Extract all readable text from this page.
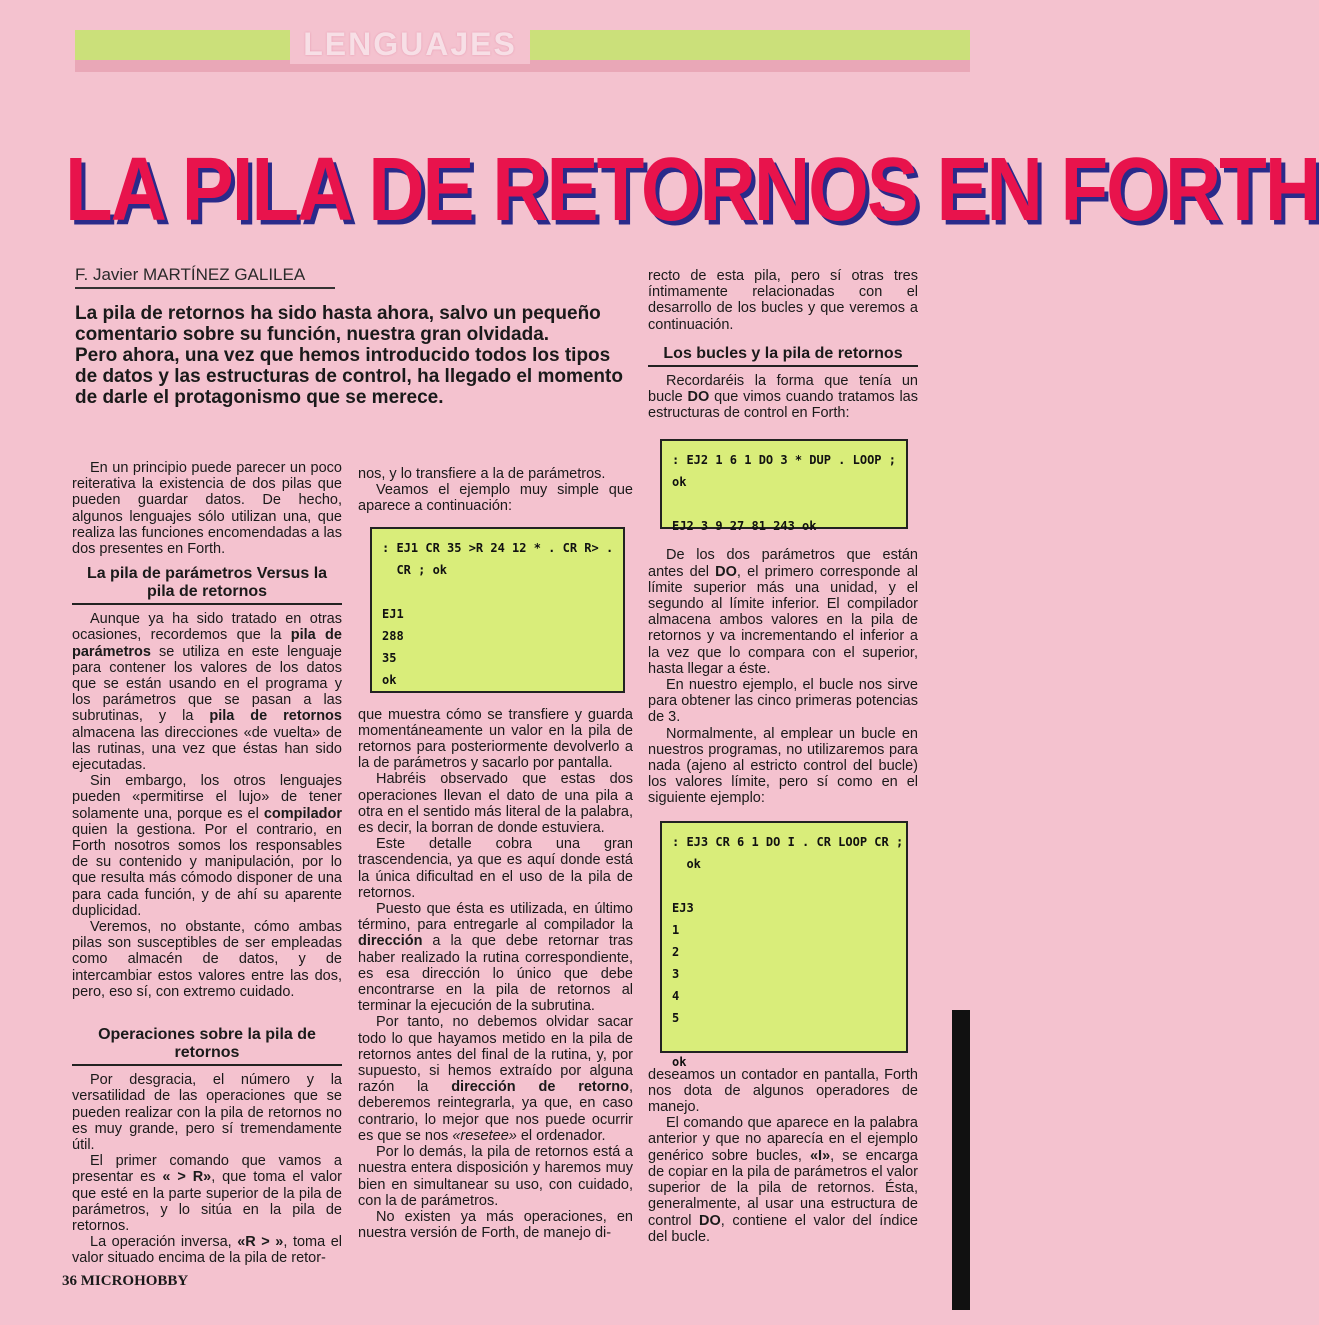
LENGUAJES
LA PILA DE RETORNOS EN FORTH
F. Javier MARTÍNEZ GALILEA

La pila de retornos ha sido hasta ahora, salvo un pequeño comentario sobre su función, nuestra gran olvidada.

Pero ahora, una vez que hemos introducido todos los tipos de datos y las estructuras de control, ha llegado el momento de darle el protagonismo que se merece.

En un principio puede parecer un poco reiterativa la existencia de dos pilas que pueden guardar datos. De hecho, algunos lenguajes sólo utilizan una, que realiza las funciones encomendadas a las dos presentes en Forth.

La pila de parámetros Versus la pila de retornos

Aunque ya ha sido tratado en otras ocasiones, recordemos que la pila de parámetros se utiliza en este lenguaje para contener los valores de los datos que se están usando en el programa y los parámetros que se pasan a las subrutinas, y la pila de retornos almacena las direcciones «de vuelta» de las rutinas, una vez que éstas han sido ejecutadas.

Sin embargo, los otros lenguajes pueden «permitirse el lujo» de tener solamente una, porque es el compilador quien la gestiona. Por el contrario, en Forth nosotros somos los responsables de su contenido y manipulación, por lo que resulta más cómodo disponer de una para cada función, y de ahí su aparente duplicidad.

Veremos, no obstante, cómo ambas pilas son susceptibles de ser empleadas como almacén de datos, y de intercambiar estos valores entre las dos, pero, eso sí, con extremo cuidado.

Operaciones sobre la pila de retornos

Por desgracia, el número y la versatilidad de las operaciones que se pueden realizar con la pila de retornos no es muy grande, pero sí tremendamente útil.

El primer comando que vamos a presentar es « > R», que toma el valor que esté en la parte superior de la pila de parámetros, y lo sitúa en la pila de retornos.

La operación inversa, «R > », toma el valor situado encima de la pila de retor-

nos, y lo transfiere a la de parámetros.

Veamos el ejemplo muy simple que aparece a continuación:

: EJ1 CR 35 >R 24 12 * . CR R> .
CR ; ok

EJ1
288
35
ok

que muestra cómo se transfiere y guarda momentáneamente un valor en la pila de retornos para posteriormente devolverlo a la de parámetros y sacarlo por pantalla.

Habréis observado que estas dos operaciones llevan el dato de una pila a otra en el sentido más literal de la palabra, es decir, la borran de donde estuviera.

Este detalle cobra una gran trascendencia, ya que es aquí donde está la única dificultad en el uso de la pila de retornos.

Puesto que ésta es utilizada, en último término, para entregarle al compilador la dirección a la que debe retornar tras haber realizado la rutina correspondiente, es esa dirección lo único que debe encontrarse en la pila de retornos al terminar la ejecución de la subrutina.

Por tanto, no debemos olvidar sacar todo lo que hayamos metido en la pila de retornos antes del final de la rutina, y, por supuesto, si hemos extraído por alguna razón la dirección de retorno, deberemos reintegrarla, ya que, en caso contrario, lo mejor que nos puede ocurrir es que se nos «resetee» el ordenador.

Por lo demás, la pila de retornos está a nuestra entera disposición y haremos muy bien en simultanear su uso, con cuidado, con la de parámetros.

No existen ya más operaciones, en nuestra versión de Forth, de manejo di-

recto de esta pila, pero sí otras tres íntimamente relacionadas con el desarrollo de los bucles y que veremos a continuación.

Los bucles y la pila de retornos

Recordaréis la forma que tenía un bucle DO que vimos cuando tratamos las estructuras de control en Forth:

: EJ2 1 6 1 DO 3 * DUP . LOOP ;
ok

EJ2 3 9 27 81 243 ok

De los dos parámetros que están antes del DO, el primero corresponde al límite superior más una unidad, y el segundo al límite inferior. El compilador almacena ambos valores en la pila de retornos y va incrementando el inferior a la vez que lo compara con el superior, hasta llegar a éste.

En nuestro ejemplo, el bucle nos sirve para obtener las cinco primeras potencias de 3.

Normalmente, al emplear un bucle en nuestros programas, no utilizaremos para nada (ajeno al estricto control del bucle) los valores límite, pero sí como en el siguiente ejemplo:

: EJ3 CR 6 1 DO I . CR LOOP CR ;
ok

EJ3
1
2
3
4
5

ok

deseamos un contador en pantalla, Forth nos dota de algunos operadores de manejo.

El comando que aparece en la palabra anterior y que no aparecía en el ejemplo genérico sobre bucles, «I», se encarga de copiar en la pila de parámetros el valor superior de la pila de retornos. Ésta, generalmente, al usar una estructura de control DO, contiene el valor del índice del bucle.

36 MICROHOBBY
